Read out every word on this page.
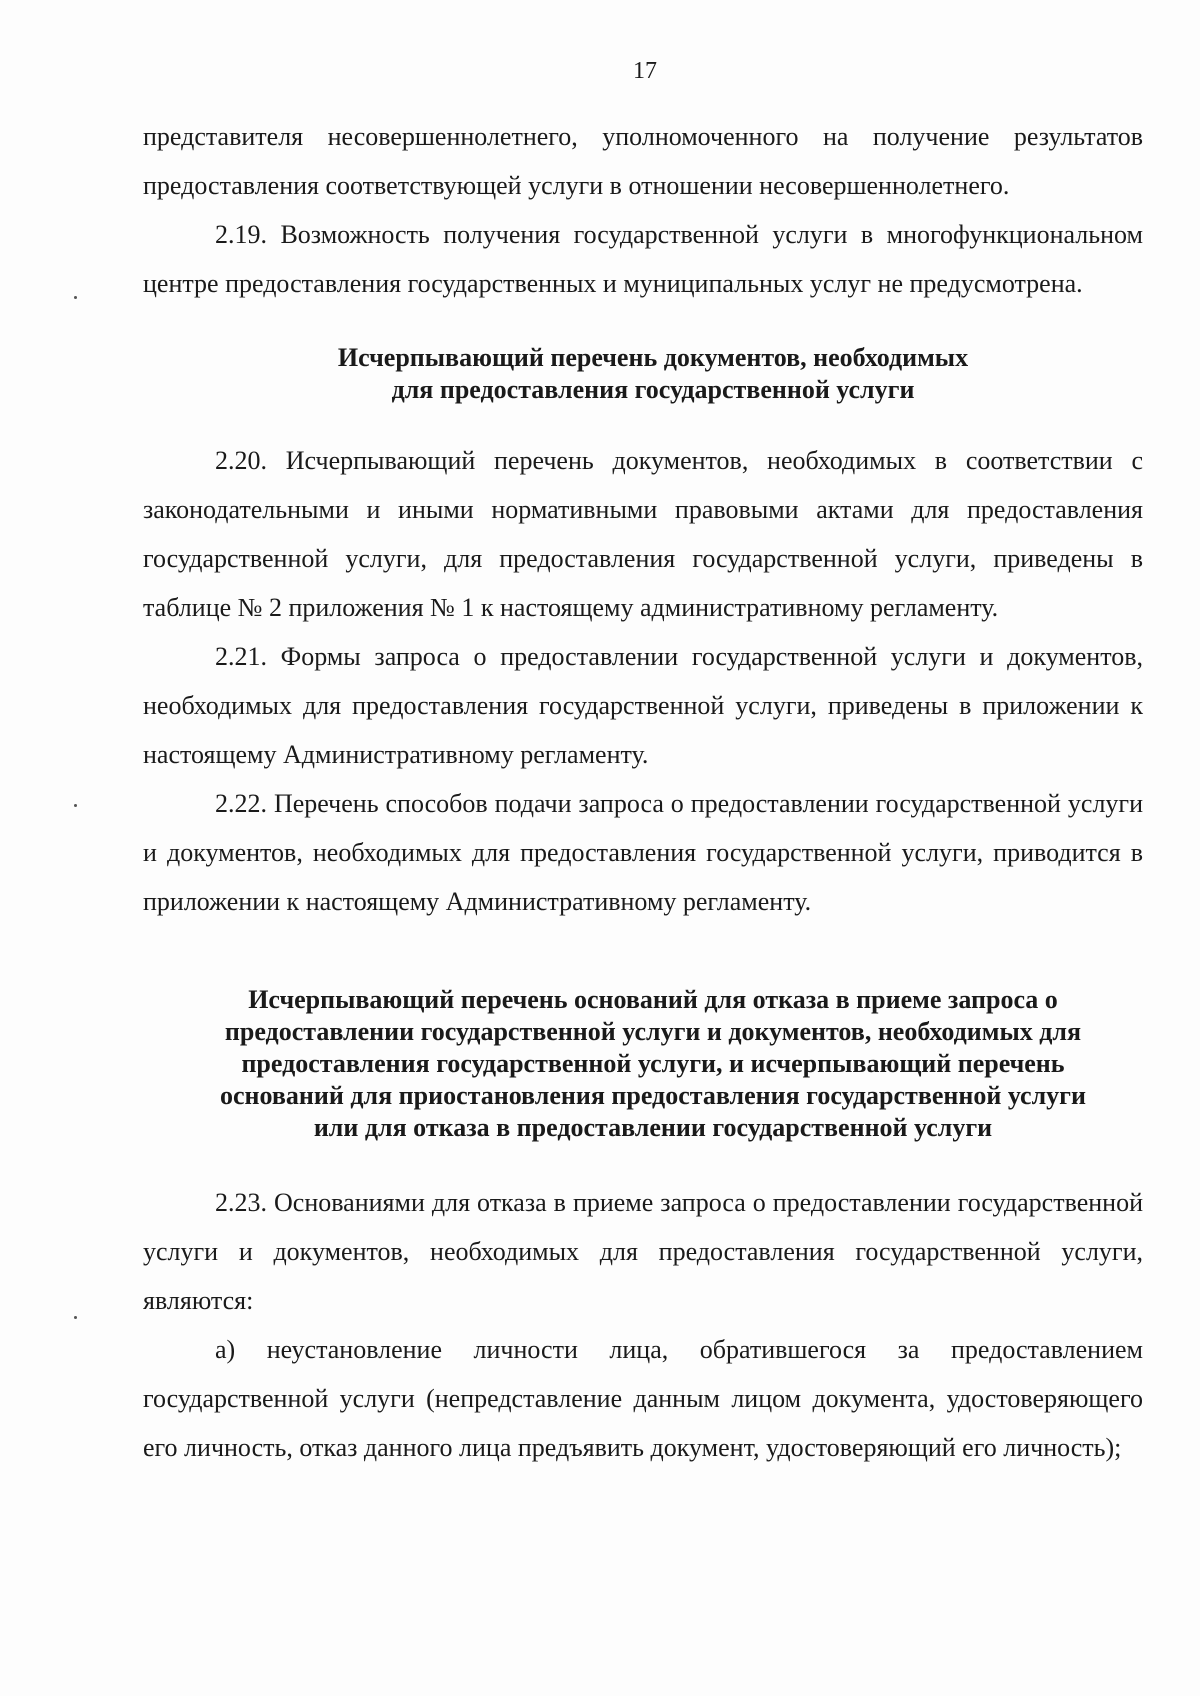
17

представителя несовершеннолетнего, уполномоченного на получение результатов предоставления соответствующей услуги в отношении несовершеннолетнего.

2.19. Возможность получения государственной услуги в многофункциональном центре предоставления государственных и муниципальных услуг не предусмотрена.

Исчерпывающий перечень документов, необходимых
для предоставления государственной услуги

2.20. Исчерпывающий перечень документов, необходимых в соответствии с законодательными и иными нормативными правовыми актами для предоставления государственной услуги, для предоставления государственной услуги, приведены в таблице № 2 приложения № 1 к настоящему административному регламенту.

2.21. Формы запроса о предоставлении государственной услуги и документов, необходимых для предоставления государственной услуги, приведены в приложении к настоящему Административному регламенту.

2.22. Перечень способов подачи запроса о предоставлении государственной услуги и документов, необходимых для предоставления государственной услуги, приводится в приложении к настоящему Административному регламенту.

Исчерпывающий перечень оснований для отказа в приеме запроса о
предоставлении государственной услуги и документов, необходимых для
предоставления государственной услуги, и исчерпывающий перечень
оснований для приостановления предоставления государственной услуги
или для отказа в предоставлении государственной услуги

2.23. Основаниями для отказа в приеме запроса о предоставлении государственной услуги и документов, необходимых для предоставления государственной услуги, являются:

а) неустановление личности лица, обратившегося за предоставлением государственной услуги (непредставление данным лицом документа, удостоверяющего его личность, отказ данного лица предъявить документ, удостоверяющий его личность);
